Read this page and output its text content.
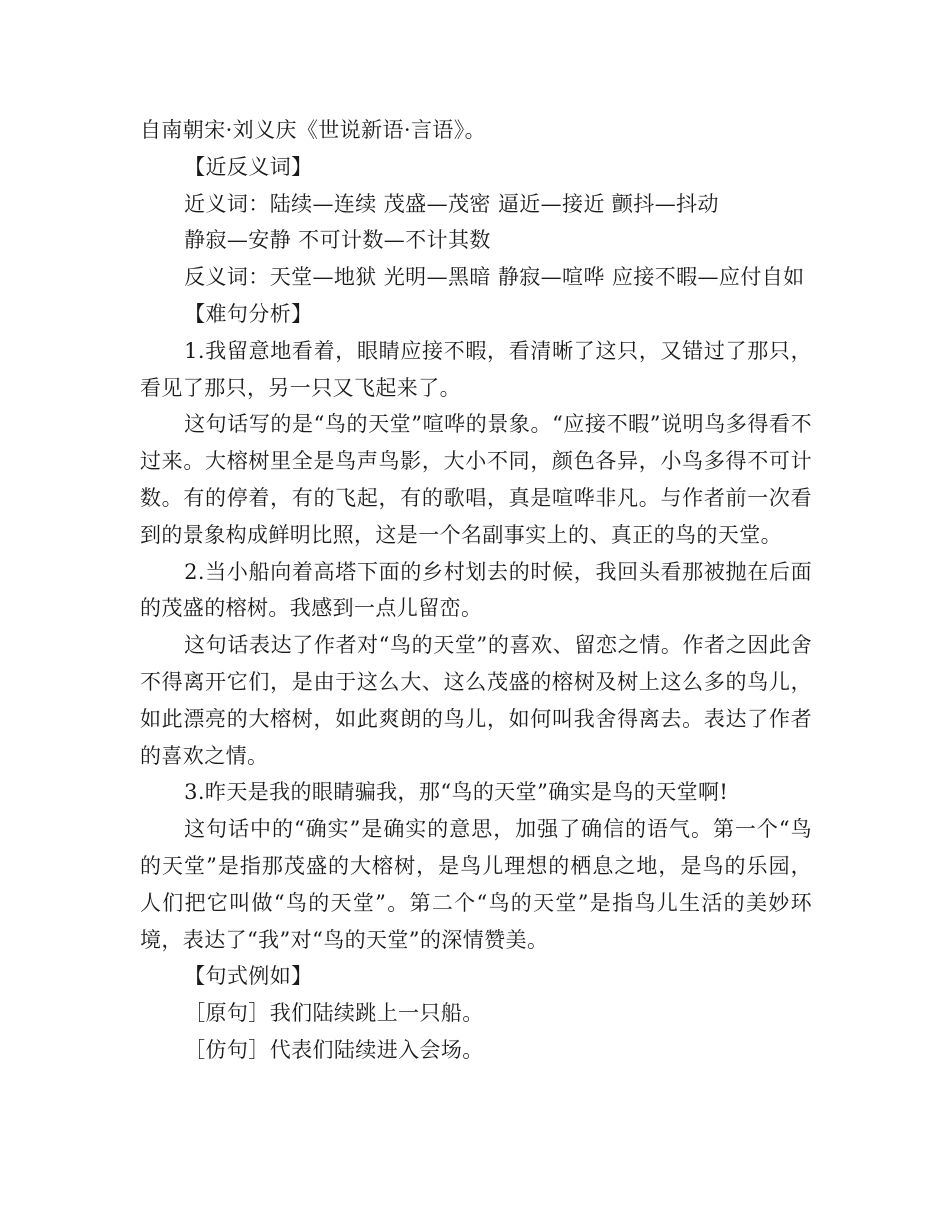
自南朝宋·刘义庆《世说新语·言语》。

【近反义词】

近义词：陆续—连续 茂盛—茂密 逼近—接近 颤抖—抖动

静寂—安静 不可计数—不计其数

反义词：天堂—地狱 光明—黑暗 静寂—喧哗 应接不暇—应付自如

【难句分析】

1.我留意地看着，眼睛应接不暇，看清晰了这只，又错过了那只，看见了那只，另一只又飞起来了。

这句话写的是“鸟的天堂”喧哗的景象。“应接不暇”说明鸟多得看不过来。大榕树里全是鸟声鸟影，大小不同，颜色各异，小鸟多得不可计数。有的停着，有的飞起，有的歌唱，真是喧哗非凡。与作者前一次看到的景象构成鲜明比照，这是一个名副事实上的、真正的鸟的天堂。

2.当小船向着高塔下面的乡村划去的时候，我回头看那被抛在后面的茂盛的榕树。我感到一点儿留峦。

这句话表达了作者对“鸟的天堂”的喜欢、留恋之情。作者之因此舍不得离开它们，是由于这么大、这么茂盛的榕树及树上这么多的鸟儿，如此漂亮的大榕树，如此爽朗的鸟儿，如何叫我舍得离去。表达了作者的喜欢之情。

3.昨天是我的眼睛骗我，那“鸟的天堂”确实是鸟的天堂啊!

这句话中的“确实”是确实的意思，加强了确信的语气。第一个“鸟的天堂”是指那茂盛的大榕树，是鸟儿理想的栖息之地，是鸟的乐园，人们把它叫做“鸟的天堂”。第二个“鸟的天堂”是指鸟儿生活的美妙环境，表达了“我”对“鸟的天堂”的深情赞美。

【句式例如】

［原句］我们陆续跳上一只船。

［仿句］代表们陆续进入会场。
